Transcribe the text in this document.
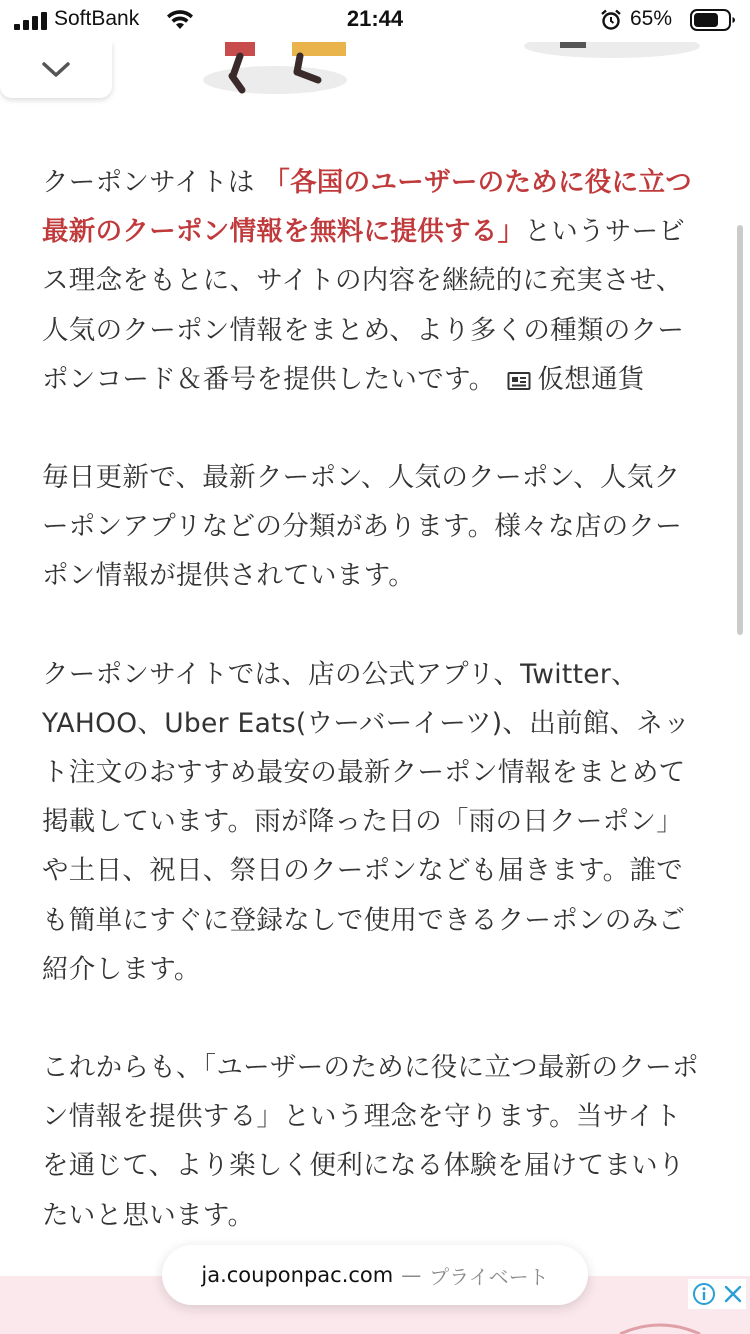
SoftBank	21:44	65%

クーポンサイトは 「各国のユーザーのために役に立つ最新のクーポン情報を無料に提供する」というサービス理念をもとに、サイトの内容を継続的に充実させ、人気のクーポン情報をまとめ、より多くの種類のクーポンコード＆番号を提供したいです。 仮想通貨

毎日更新で、最新クーポン、人気のクーポン、人気クーポンアプリなどの分類があります。様々な店のクーポン情報が提供されています。

クーポンサイトでは、店の公式アプリ、Twitter、YAHOO、Uber Eats(ウーバーイーツ)、出前館、ネット注文のおすすめ最安の最新クーポン情報をまとめて掲載しています。雨が降った日の「雨の日クーポン」や土日、祝日、祭日のクーポンなども届きます。誰でも簡単にすぐに登録なしで使用できるクーポンのみご紹介します。

これからも、「ユーザーのために役に立つ最新のクーポン情報を提供する」という理念を守ります。当サイトを通じて、より楽しく便利になる体験を届けてまいりたいと思います。

ja.couponpac.com — プライベート
